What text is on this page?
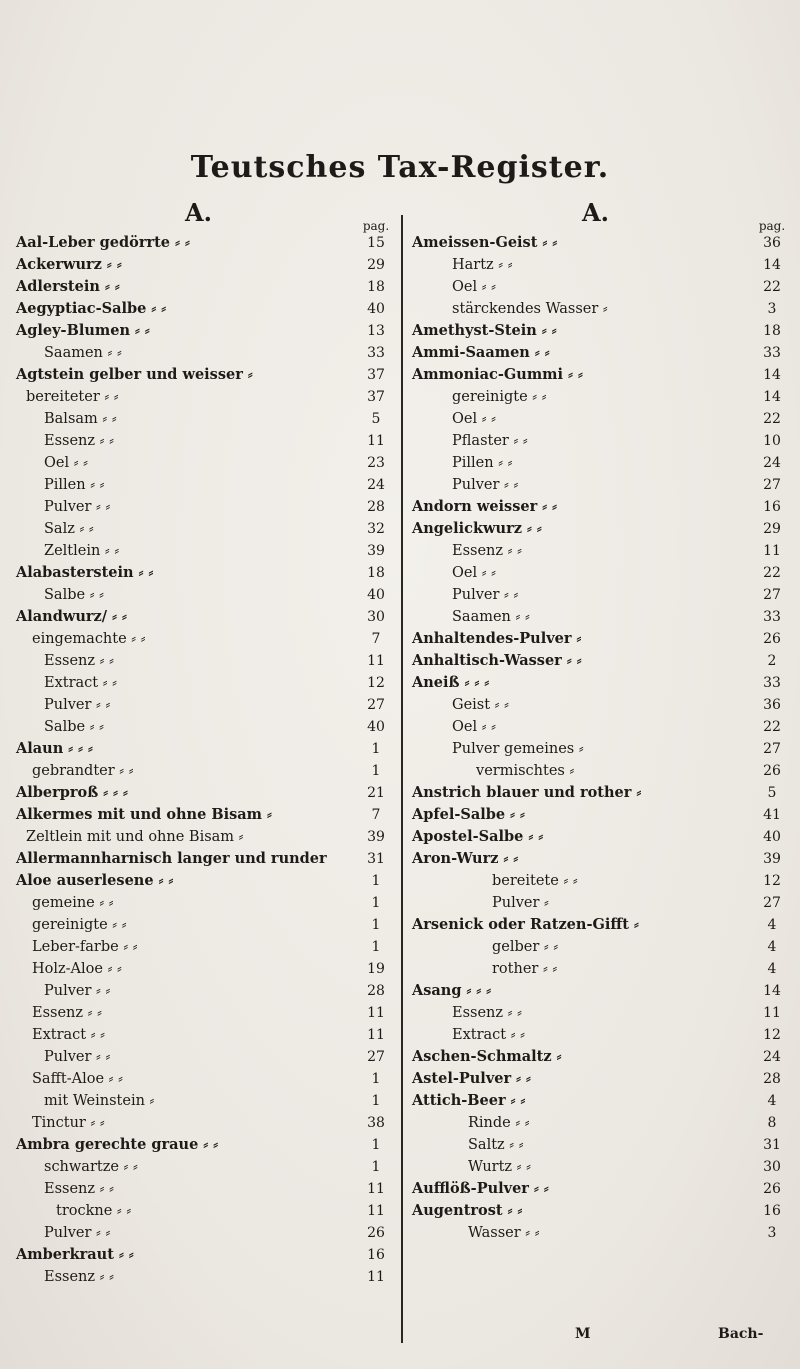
Teutsches Tax-Register.
A.	A.
pag.
Aal-Leber gedörrte ⸗ ⸗	15
Ackerwurz ⸗ ⸗	29
Adlerstein ⸗ ⸗	18
Aegyptiac-Salbe ⸗ ⸗	40
Agley-Blumen ⸗ ⸗	13
Saamen ⸗ ⸗	33
Agtstein gelber und weisser ⸗	37
bereiteter ⸗ ⸗	37
Balsam ⸗ ⸗	5
Essenz ⸗ ⸗	11
Oel ⸗ ⸗	23
Pillen ⸗ ⸗	24
Pulver ⸗ ⸗	28
Salz ⸗ ⸗	32
Zeltlein ⸗ ⸗	39
Alabasterstein ⸗ ⸗	18
Salbe ⸗ ⸗	40
Alandwurz/ ⸗ ⸗	30
eingemachte ⸗ ⸗	7
Essenz ⸗ ⸗	11
Extract ⸗ ⸗	12
Pulver ⸗ ⸗	27
Salbe ⸗ ⸗	40
Alaun ⸗ ⸗ ⸗	1
gebrandter ⸗ ⸗	1
Alberproß ⸗ ⸗ ⸗	21
Alkermes mit und ohne Bisam ⸗	7
Zeltlein mit und ohne Bisam ⸗	39
Allermannharnisch langer und runder	31
Aloe auserlesene ⸗ ⸗	1
gemeine ⸗ ⸗	1
gereinigte ⸗ ⸗	1
Leber-farbe ⸗ ⸗	1
Holz-Aloe ⸗ ⸗	19
Pulver ⸗ ⸗	28
Essenz ⸗ ⸗	11
Extract ⸗ ⸗	11
Pulver ⸗ ⸗	27
Safft-Aloe ⸗ ⸗	1
mit Weinstein ⸗	1
Tinctur ⸗ ⸗	38
Ambra gerechte graue ⸗ ⸗	1
schwartze ⸗ ⸗	1
Essenz ⸗ ⸗	11
trockne ⸗ ⸗	11
Pulver ⸗ ⸗	26
Amberkraut ⸗ ⸗	16
Essenz ⸗ ⸗	11
pag.
Ameissen-Geist ⸗ ⸗	36
Hartz ⸗ ⸗	14
Oel ⸗ ⸗	22
stärckendes Wasser ⸗	3
Amethyst-Stein ⸗ ⸗	18
Ammi-Saamen ⸗ ⸗	33
Ammoniac-Gummi ⸗ ⸗	14
gereinigte ⸗ ⸗	14
Oel ⸗ ⸗	22
Pflaster ⸗ ⸗	10
Pillen ⸗ ⸗	24
Pulver ⸗ ⸗	27
Andorn weisser ⸗ ⸗	16
Angelickwurz ⸗ ⸗	29
Essenz ⸗ ⸗	11
Oel ⸗ ⸗	22
Pulver ⸗ ⸗	27
Saamen ⸗ ⸗	33
Anhaltendes-Pulver ⸗	26
Anhaltisch-Wasser ⸗ ⸗	2
Aneiß ⸗ ⸗ ⸗	33
Geist ⸗ ⸗	36
Oel ⸗ ⸗	22
Pulver gemeines ⸗	27
vermischtes ⸗	26
Anstrich blauer und rother ⸗	5
Apfel-Salbe ⸗ ⸗	41
Apostel-Salbe ⸗ ⸗	40
Aron-Wurz ⸗ ⸗	39
bereitete ⸗ ⸗	12
Pulver ⸗	27
Arsenick oder Ratzen-Gifft ⸗	4
gelber ⸗ ⸗	4
rother ⸗ ⸗	4
Asang ⸗ ⸗ ⸗	14
Essenz ⸗ ⸗	11
Extract ⸗ ⸗	12
Aschen-Schmaltz ⸗	24
Astel-Pulver ⸗ ⸗	28
Attich-Beer ⸗ ⸗	4
Rinde ⸗ ⸗	8
Saltz ⸗ ⸗	31
Wurtz ⸗ ⸗	30
Aufflöß-Pulver ⸗ ⸗	26
Augentrost ⸗ ⸗	16
Wasser ⸗ ⸗	3
M	Bach-
